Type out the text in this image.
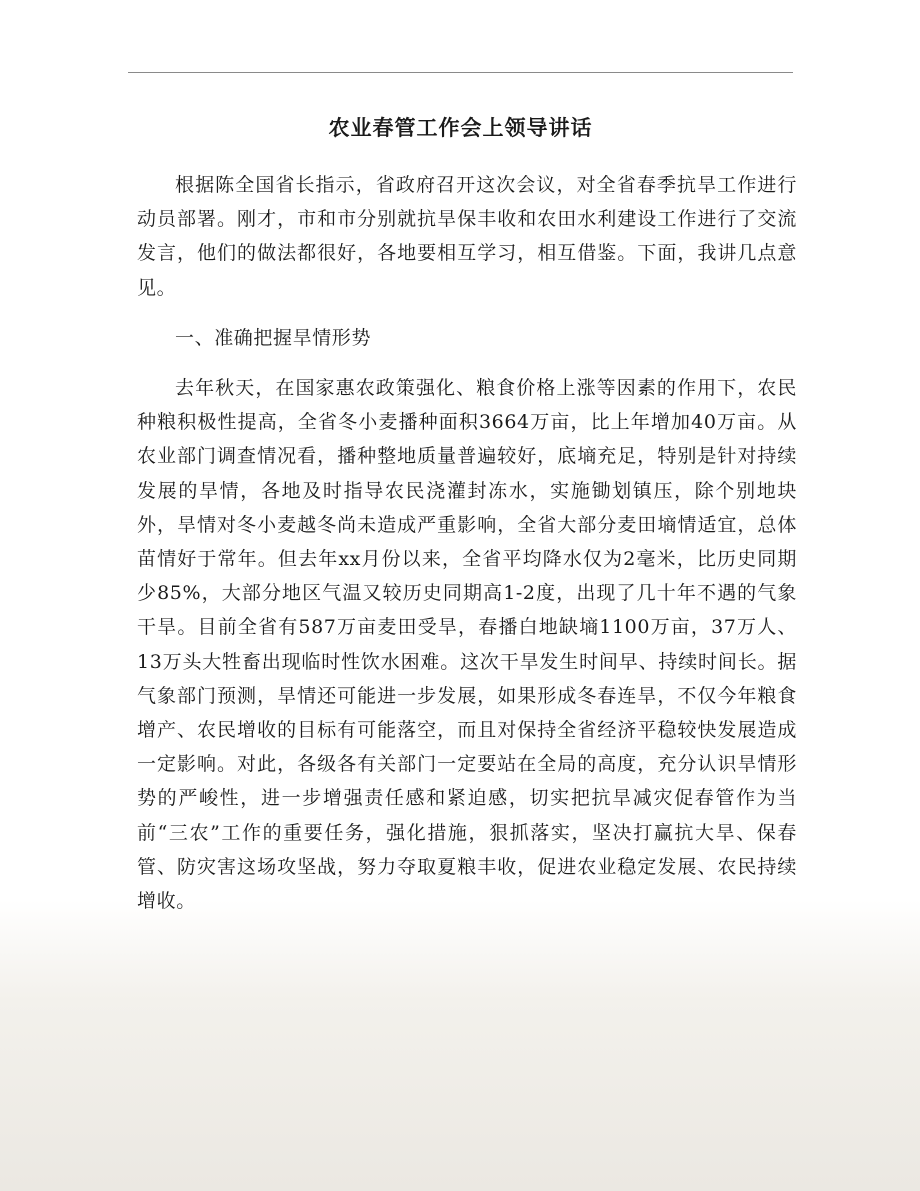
农业春管工作会上领导讲话

根据陈全国省长指示，省政府召开这次会议，对全省春季抗旱工作进行动员部署。刚才，市和市分别就抗旱保丰收和农田水利建设工作进行了交流发言，他们的做法都很好，各地要相互学习，相互借鉴。下面，我讲几点意见。

一、准确把握旱情形势

去年秋天，在国家惠农政策强化、粮食价格上涨等因素的作用下，农民种粮积极性提高，全省冬小麦播种面积3664万亩，比上年增加40万亩。从农业部门调查情况看，播种整地质量普遍较好，底墒充足，特别是针对持续发展的旱情，各地及时指导农民浇灌封冻水，实施锄划镇压，除个别地块外，旱情对冬小麦越冬尚未造成严重影响，全省大部分麦田墒情适宜，总体苗情好于常年。但去年xx月份以来，全省平均降水仅为2毫米，比历史同期少85%，大部分地区气温又较历史同期高1-2度，出现了几十年不遇的气象干旱。目前全省有587万亩麦田受旱，春播白地缺墒1100万亩，37万人、13万头大牲畜出现临时性饮水困难。这次干旱发生时间早、持续时间长。据气象部门预测，旱情还可能进一步发展，如果形成冬春连旱，不仅今年粮食增产、农民增收的目标有可能落空，而且对保持全省经济平稳较快发展造成一定影响。对此，各级各有关部门一定要站在全局的高度，充分认识旱情形势的严峻性，进一步增强责任感和紧迫感，切实把抗旱减灾促春管作为当前“三农”工作的重要任务，强化措施，狠抓落实，坚决打赢抗大旱、保春管、防灾害这场攻坚战，努力夺取夏粮丰收，促进农业稳定发展、农民持续增收。
